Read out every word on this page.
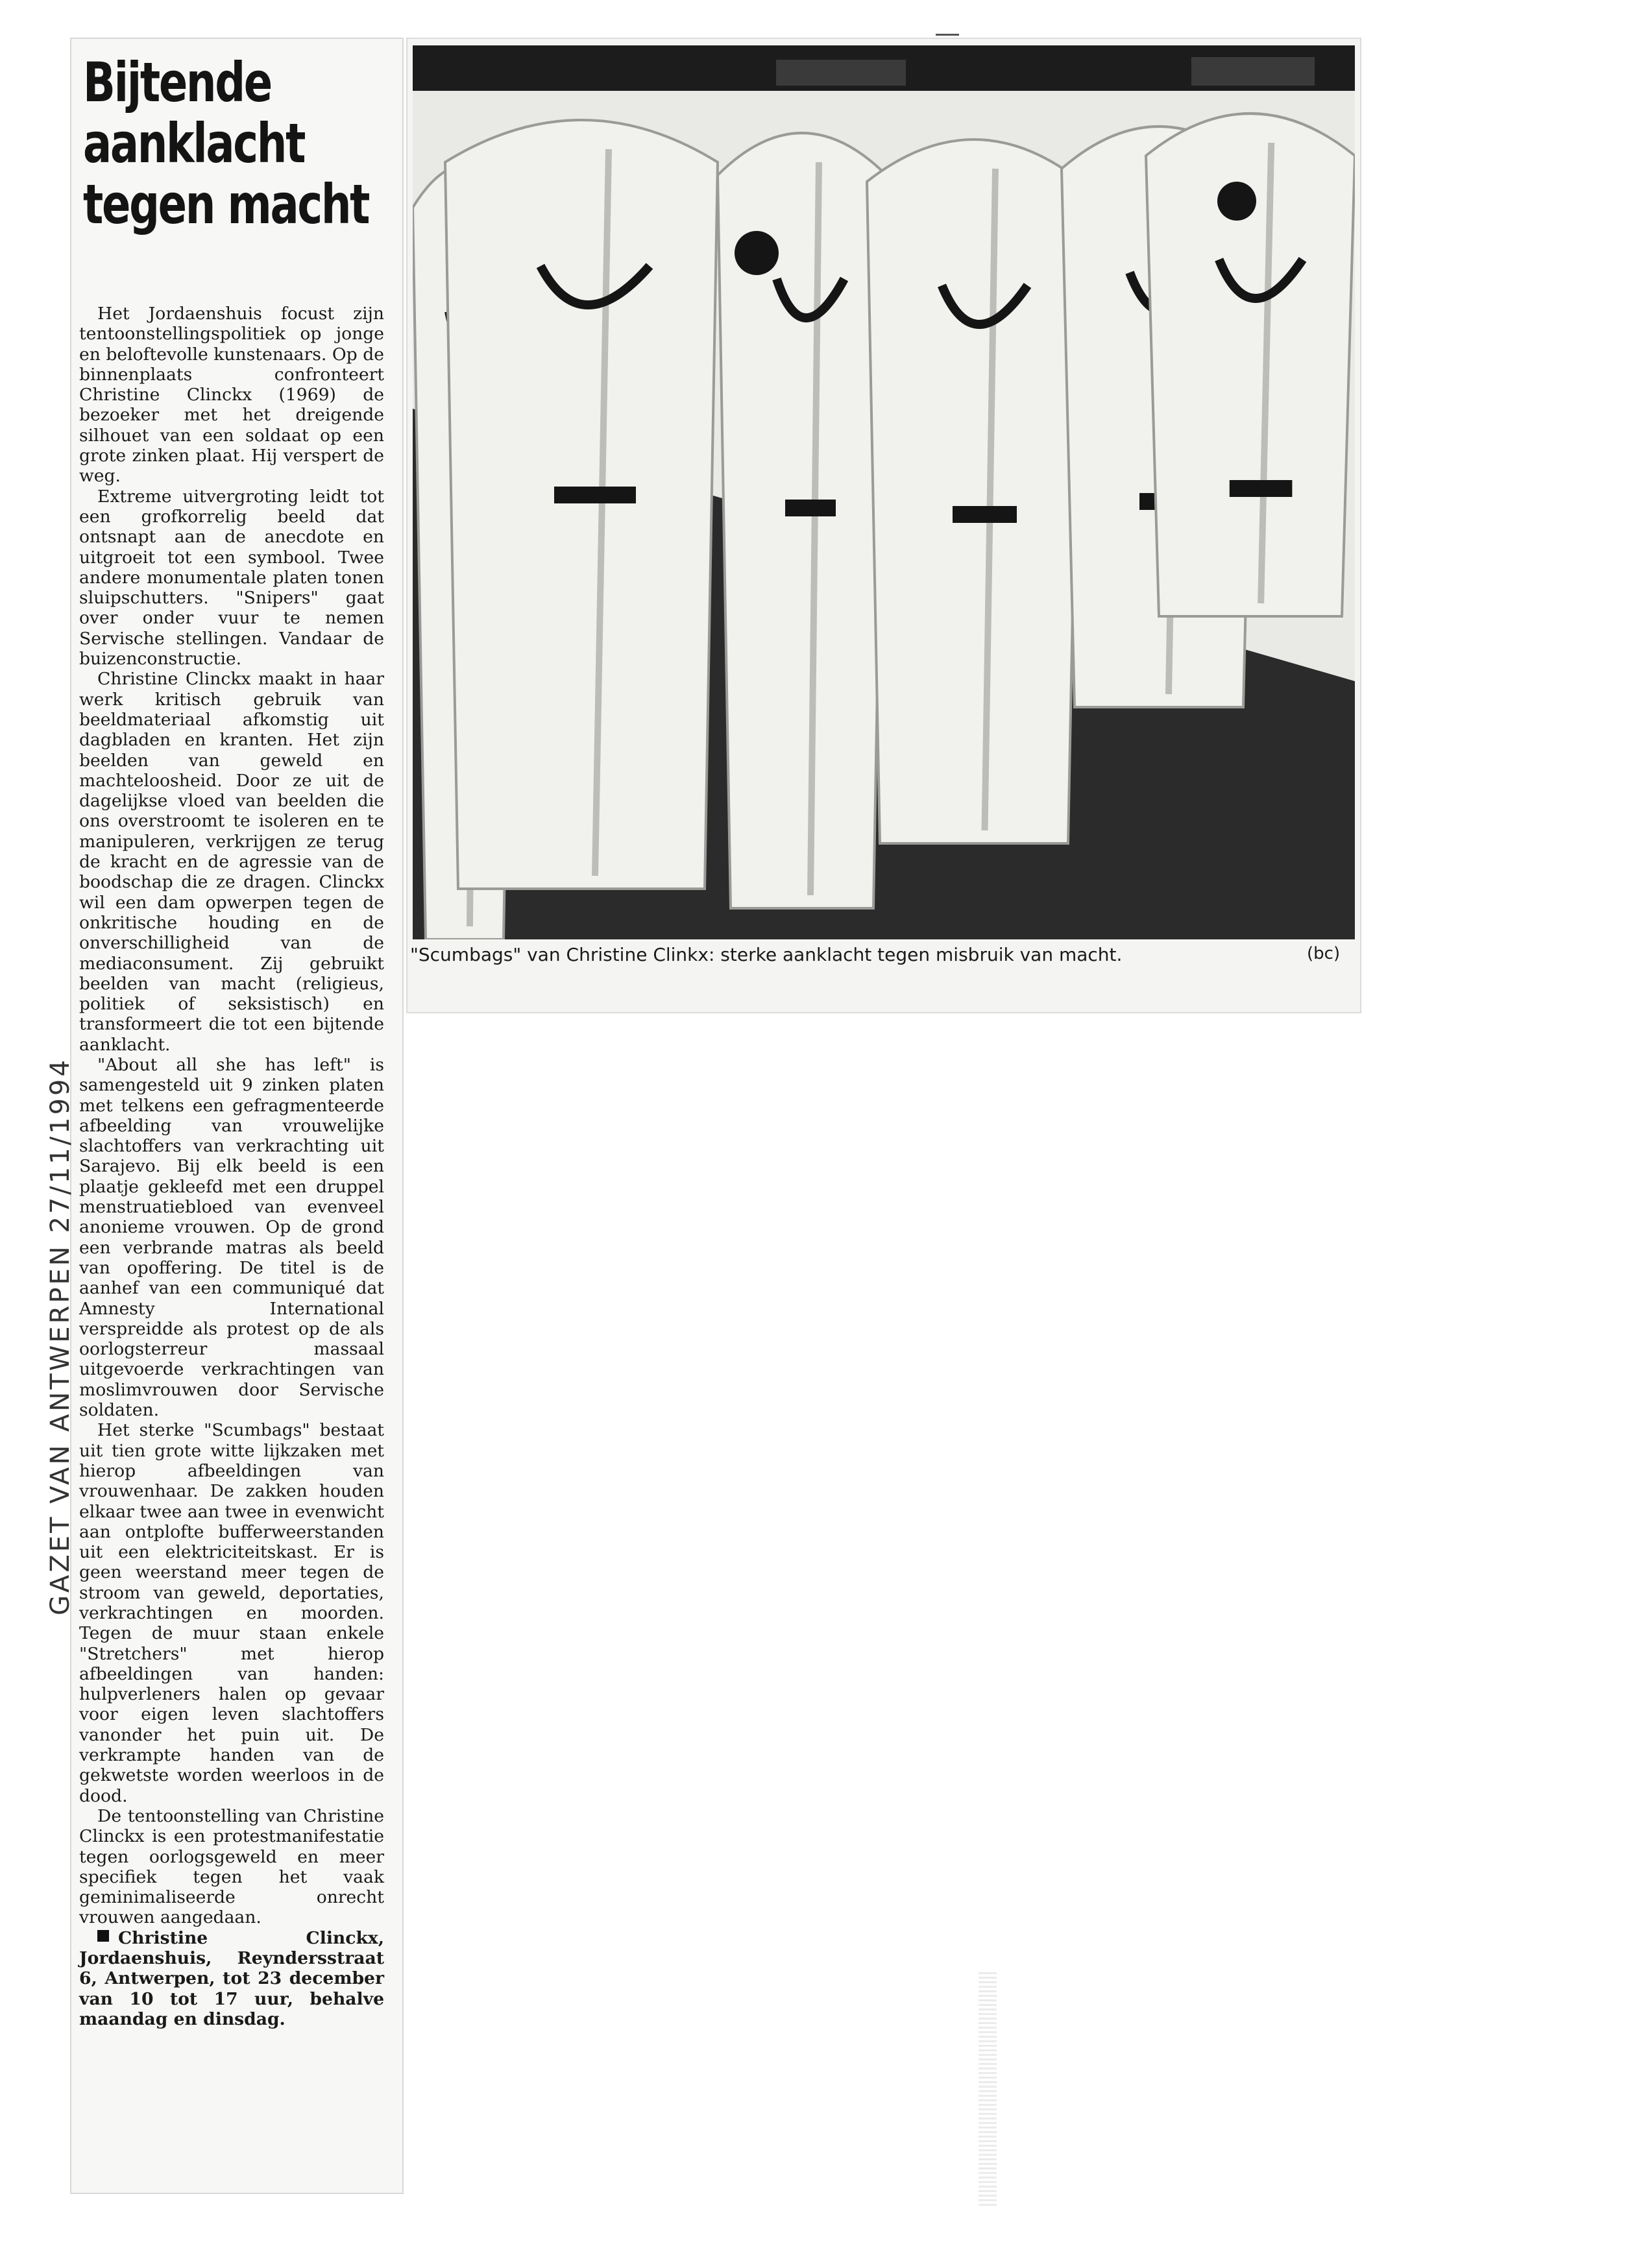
Bijtende
aanklacht
tegen macht

Het Jordaenshuis focust zijn tentoonstellingspolitiek op jonge en beloftevolle kunstenaars. Op de binnenplaats confronteert Christine Clinckx (1969) de bezoeker met het dreigende silhouet van een soldaat op een grote zinken plaat. Hij verspert de weg.

Extreme uitvergroting leidt tot een grofkorrelig beeld dat ontsnapt aan de anecdote en uitgroeit tot een symbool. Twee andere monumentale platen tonen sluipschutters. "Snipers" gaat over onder vuur te nemen Servische stellingen. Vandaar de buizenconstructie.

Christine Clinckx maakt in haar werk kritisch gebruik van beeldmateriaal afkomstig uit dagbladen en kranten. Het zijn beelden van geweld en machteloosheid. Door ze uit de dagelijkse vloed van beelden die ons overstroomt te isoleren en te manipuleren, verkrijgen ze terug de kracht en de agressie van de boodschap die ze dragen. Clinckx wil een dam opwerpen tegen de onkritische houding en de onverschilligheid van de mediaconsument. Zij gebruikt beelden van macht (religieus, politiek of seksistisch) en transformeert die tot een bijtende aanklacht.

"About all she has left" is samengesteld uit 9 zinken platen met telkens een gefragmenteerde afbeelding van vrouwelijke slachtoffers van verkrachting uit Sarajevo. Bij elk beeld is een plaatje gekleefd met een druppel menstruatiebloed van evenveel anonieme vrouwen. Op de grond een verbrande matras als beeld van opoffering. De titel is de aanhef van een communiqué dat Amnesty International verspreidde als protest op de als oorlogsterreur massaal uitgevoerde verkrachtingen van moslimvrouwen door Servische soldaten.

Het sterke "Scumbags" bestaat uit tien grote witte lijkzaken met hierop afbeeldingen van vrouwenhaar. De zakken houden elkaar twee aan twee in evenwicht aan ontplofte bufferweerstanden uit een elektriciteitskast. Er is geen weerstand meer tegen de stroom van geweld, deportaties, verkrachtingen en moorden. Tegen de muur staan enkele "Stretchers" met hierop afbeeldingen van handen: hulpverleners halen op gevaar voor eigen leven slachtoffers vanonder het puin uit. De verkrampte handen van de gekwetste worden weerloos in de dood.

De tentoonstelling van Christine Clinckx is een protestmanifestatie tegen oorlogsgeweld en meer specifiek tegen het vaak geminimaliseerde onrecht vrouwen aangedaan.

Christine Clinckx, Jordaenshuis, Reyndersstraat 6, Antwerpen, tot 23 december van 10 tot 17 uur, behalve maandag en dinsdag.

GAZET VAN ANTWERPEN 27/11/1994
"Scumbags" van Christine Clinkx: sterke aanklacht tegen misbruik van macht.	(bc)
